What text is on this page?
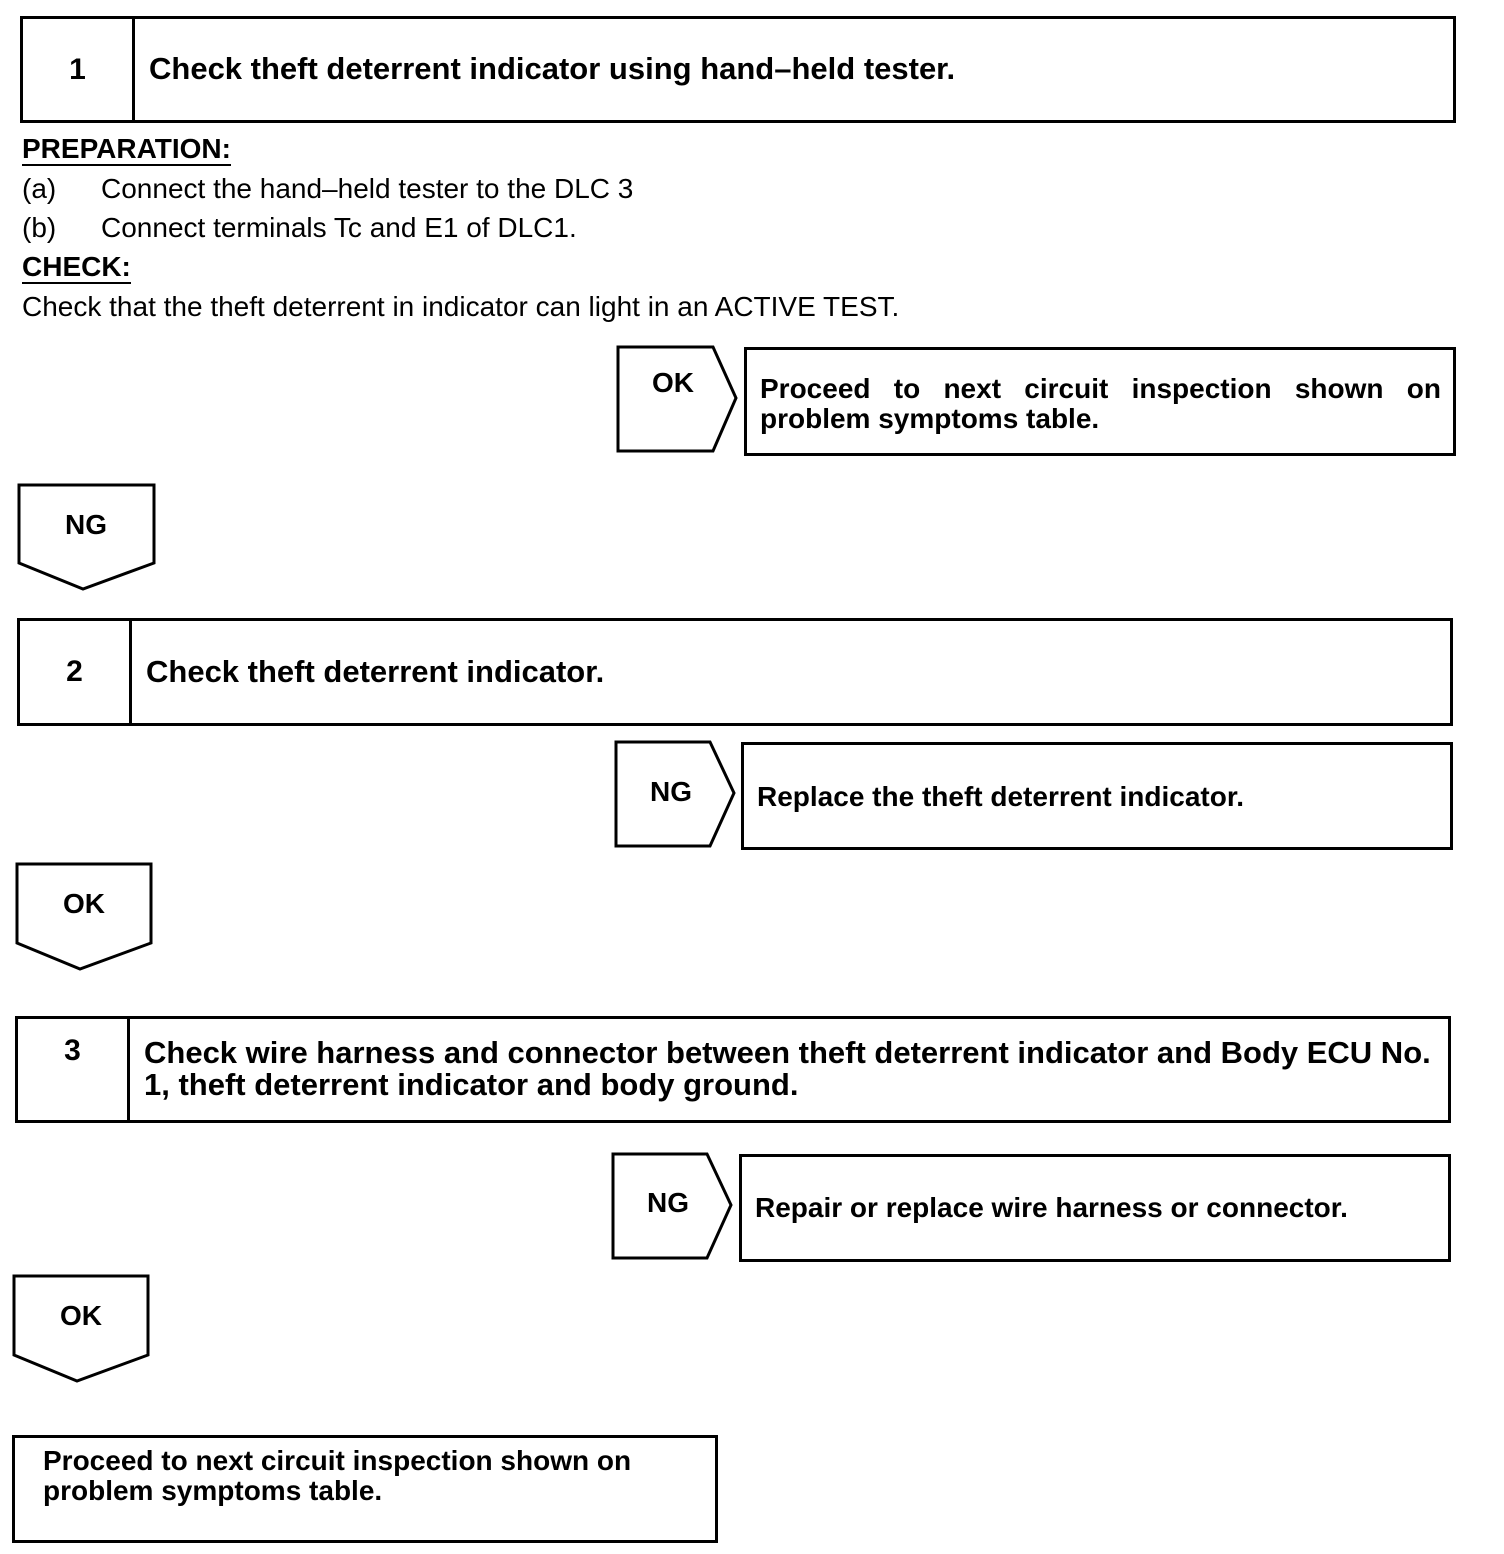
1	Check theft deterrent indicator using hand–held tester.
PREPARATION:
(a) Connect the hand–held tester to the DLC 3
(b) Connect terminals Tc and E1 of DLC1.
CHECK:
Check that the theft deterrent in indicator can light in an ACTIVE TEST.
OK	Proceed to next circuit inspection shown on problem symptoms table.
NG
2	Check theft deterrent indicator.
NG	Replace the theft deterrent indicator.
OK
3	Check wire harness and connector between theft deterrent indicator and Body ECU No. 1, theft deterrent indicator and body ground.
NG	Repair or replace wire harness or connector.
OK
Proceed to next circuit inspection shown on problem symptoms table.
